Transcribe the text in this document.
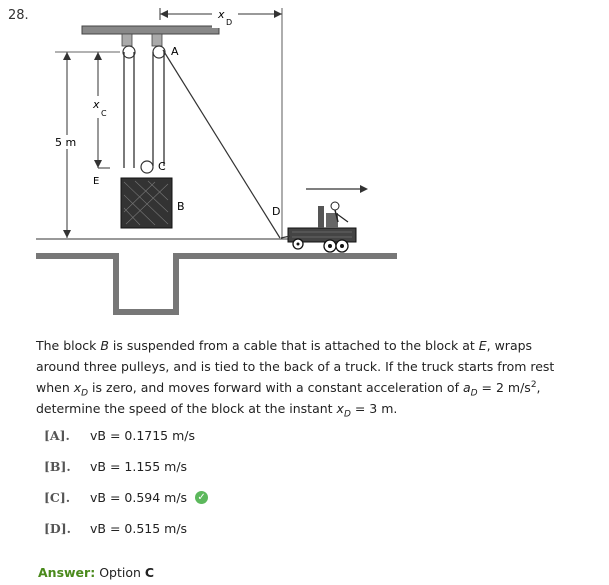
28.
A
C
E
B
5 m
x
C
x
D
D
The block B is suspended from a cable that is attached to the block at E, wraps around three pulleys, and is tied to the back of a truck. If the truck starts from rest when $x_D$ is zero, and moves forward with a constant acceleration of $a_D = 2$ $m/s^2$, determine the speed of the block at the instant $x_D = 3$ m.
[A].	vB = 0.1715 m/s
[B].	vB = 1.155 m/s
[C].	vB = 0.594 m/s ✓
[D].	vB = 0.515 m/s
Answer: Option C
